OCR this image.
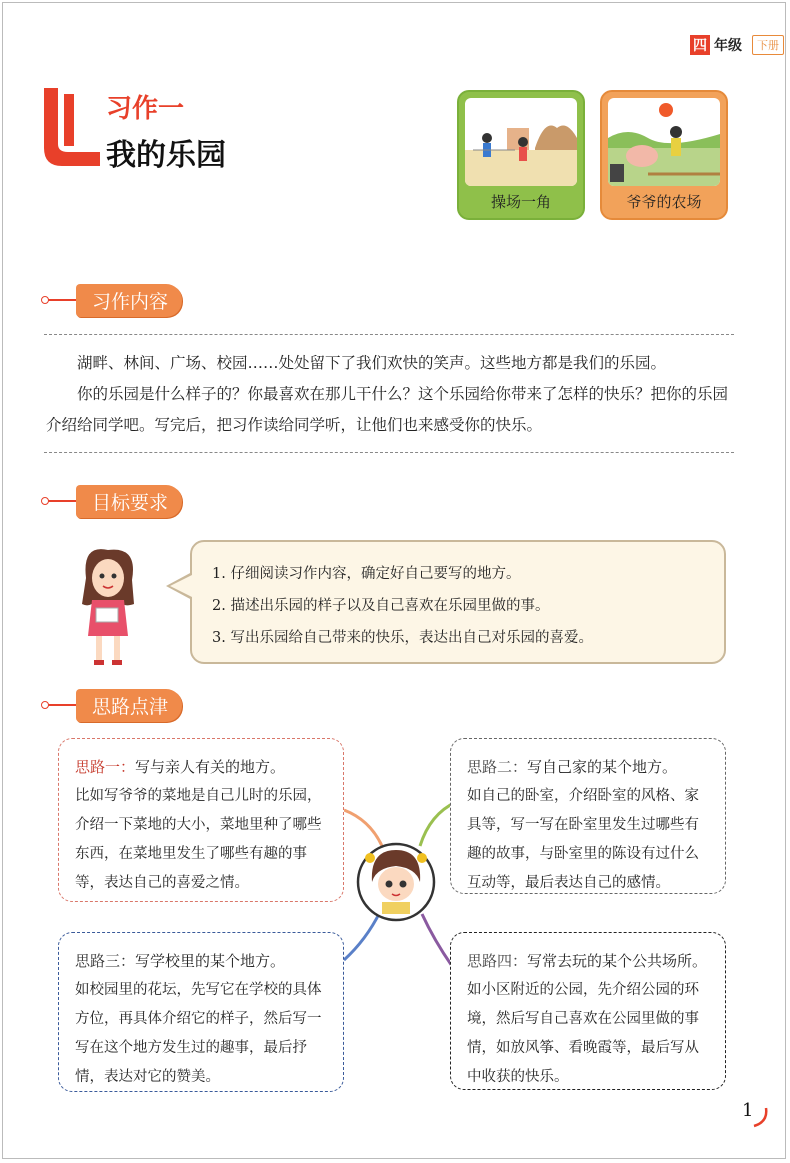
四 年级	下册
习作一
我的乐园
操场一角	爷爷的农场
习作内容

湖畔、林间、广场、校园……处处留下了我们欢快的笑声。这些地方都是我们的乐园。

你的乐园是什么样子的？你最喜欢在那儿干什么？这个乐园给你带来了怎样的快乐？把你的乐园介绍给同学吧。写完后，把习作读给同学听，让他们也来感受你的快乐。

目标要求
1. 仔细阅读习作内容，确定好自己要写的地方。
2. 描述出乐园的样子以及自己喜欢在乐园里做的事。
3. 写出乐园给自己带来的快乐，表达出自己对乐园的喜爱。
思路点津
思路一：写与亲人有关的地方。
比如写爷爷的菜地是自己儿时的乐园，介绍一下菜地的大小，菜地里种了哪些东西，在菜地里发生了哪些有趣的事等，表达自己的喜爱之情。
思路二：写自己家的某个地方。
如自己的卧室，介绍卧室的风格、家具等，写一写在卧室里发生过哪些有趣的故事，与卧室里的陈设有过什么互动等，最后表达自己的感情。
思路三：写学校里的某个地方。
如校园里的花坛，先写它在学校的具体方位，再具体介绍它的样子，然后写一写在这个地方发生过的趣事，最后抒情，表达对它的赞美。
思路四：写常去玩的某个公共场所。
如小区附近的公园，先介绍公园的环境，然后写自己喜欢在公园里做的事情，如放风筝、看晚霞等，最后写从中收获的快乐。
1
